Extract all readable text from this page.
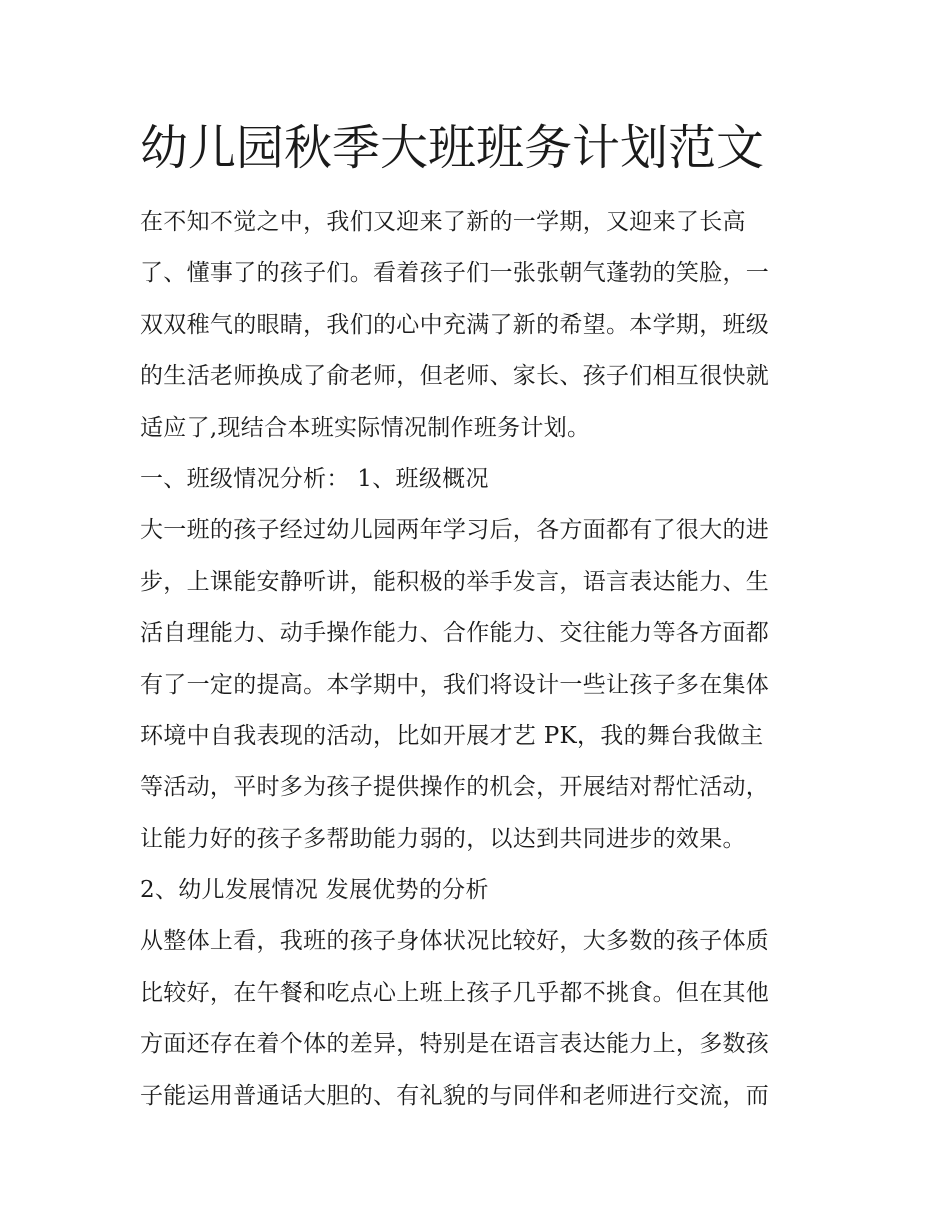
幼儿园秋季大班班务计划范文
在不知不觉之中，我们又迎来了新的一学期，又迎来了长高
了、懂事了的孩子们。看着孩子们一张张朝气蓬勃的笑脸，一
双双稚气的眼睛，我们的心中充满了新的希望。本学期，班级
的生活老师换成了俞老师，但老师、家长、孩子们相互很快就
适应了,现结合本班实际情况制作班务计划。
一、班级情况分析： 1、班级概况
大一班的孩子经过幼儿园两年学习后，各方面都有了很大的进
步，上课能安静听讲，能积极的举手发言，语言表达能力、生
活自理能力、动手操作能力、合作能力、交往能力等各方面都
有了一定的提高。本学期中，我们将设计一些让孩子多在集体
环境中自我表现的活动，比如开展才艺 PK，我的舞台我做主
等活动，平时多为孩子提供操作的机会，开展结对帮忙活动，
让能力好的孩子多帮助能力弱的，以达到共同进步的效果。
2、幼儿发展情况 发展优势的分析
从整体上看，我班的孩子身体状况比较好，大多数的孩子体质
比较好，在午餐和吃点心上班上孩子几乎都不挑食。但在其他
方面还存在着个体的差异，特别是在语言表达能力上，多数孩
子能运用普通话大胆的、有礼貌的与同伴和老师进行交流，而
